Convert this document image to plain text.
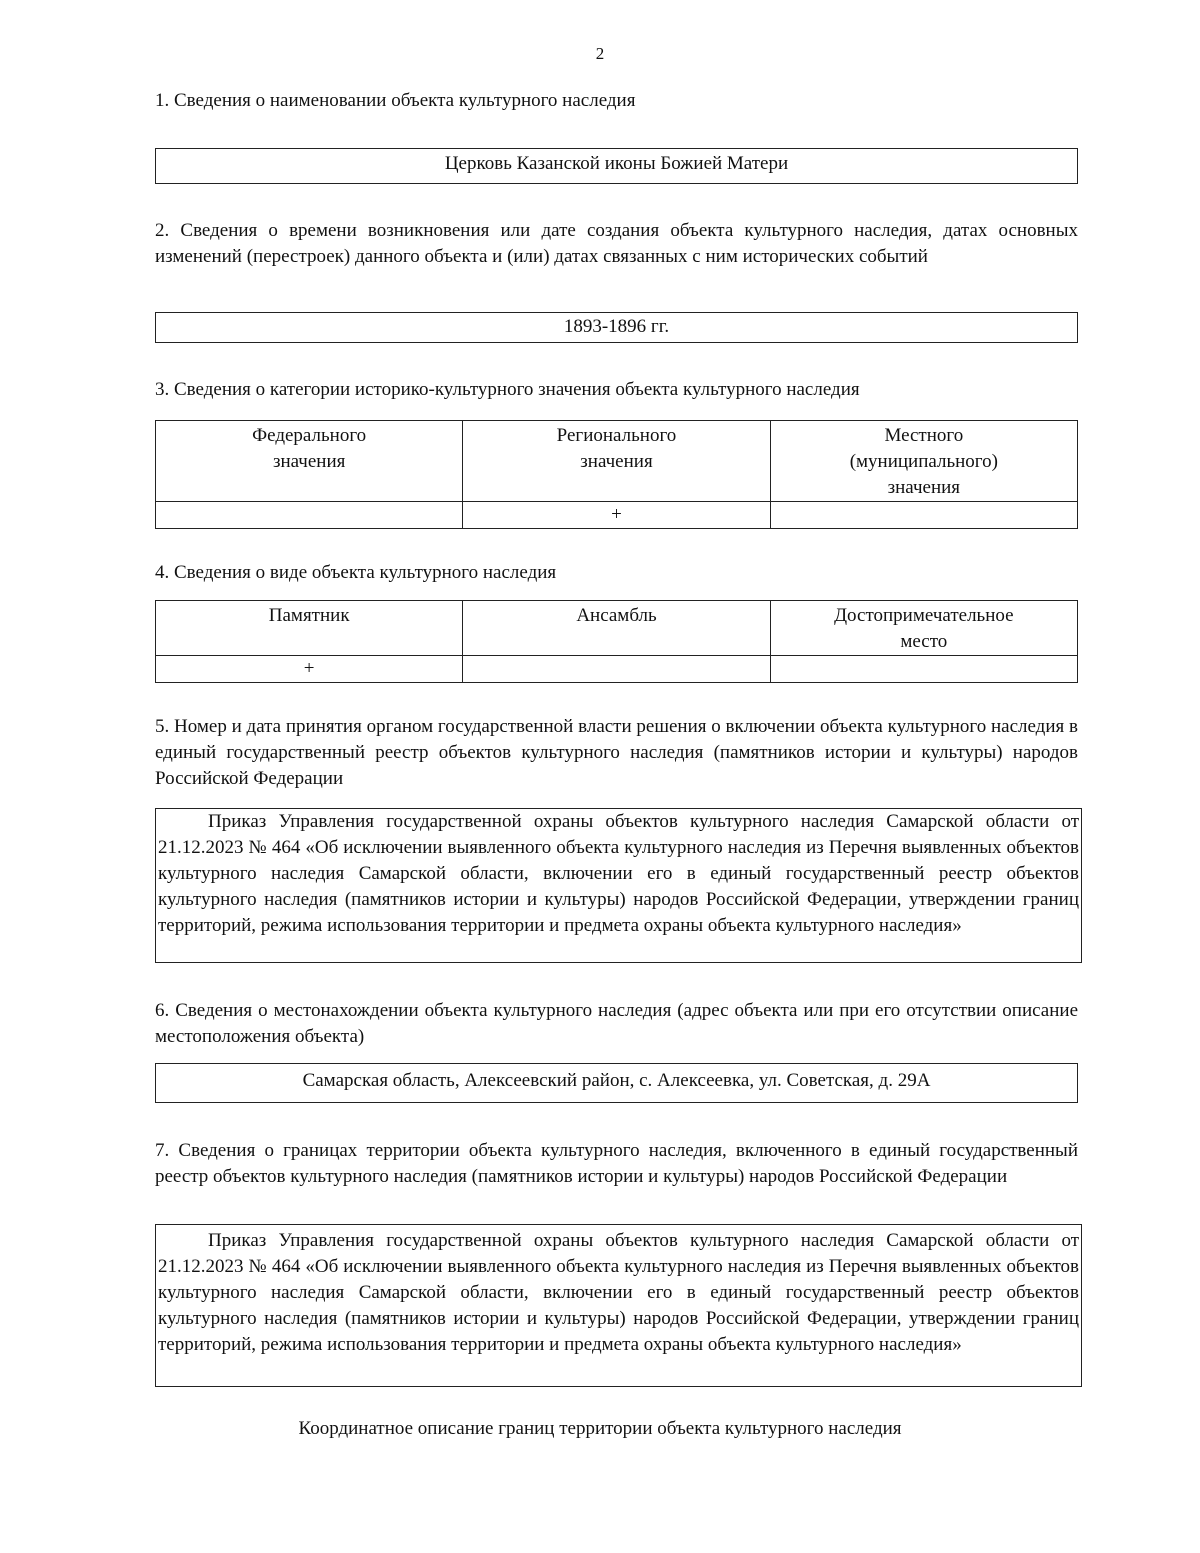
2
1. Сведения о наименовании объекта культурного наследия
Церковь Казанской иконы Божией Матери
2. Сведения о времени возникновения или дате создания объекта культурного наследия, датах основных изменений (перестроек) данного объекта и (или) датах связанных с ним исторических событий
1893-1896 гг.
3. Сведения о категории историко-культурного значения объекта культурного наследия
Федерального значения	Регионального значения	Местного (муниципального) значения
	+	
4. Сведения о виде объекта культурного наследия
Памятник	Ансамбль	Достопримечательное место
+		
5. Номер и дата принятия органом государственной власти решения о включении объекта культурного наследия в единый государственный реестр объектов культурного наследия (памятников истории и культуры) народов Российской Федерации
Приказ Управления государственной охраны объектов культурного наследия Самарской области от 21.12.2023 № 464 «Об исключении выявленного объекта культурного наследия из Перечня выявленных объектов культурного наследия Самарской области, включении его в единый государственный реестр объектов культурного наследия (памятников истории и культуры) народов Российской Федерации, утверждении границ территорий, режима использования территории и предмета охраны объекта культурного наследия»
6. Сведения о местонахождении объекта культурного наследия (адрес объекта или при его отсутствии описание местоположения объекта)
Самарская область, Алексеевский район, с. Алексеевка, ул. Советская, д. 29А
7. Сведения о границах территории объекта культурного наследия, включенного в единый государственный реестр объектов культурного наследия (памятников истории и культуры) народов Российской Федерации
Приказ Управления государственной охраны объектов культурного наследия Самарской области от 21.12.2023 № 464 «Об исключении выявленного объекта культурного наследия из Перечня выявленных объектов культурного наследия Самарской области, включении его в единый государственный реестр объектов культурного наследия (памятников истории и культуры) народов Российской Федерации, утверждении границ территорий, режима использования территории и предмета охраны объекта культурного наследия»
Координатное описание границ территории объекта культурного наследия
